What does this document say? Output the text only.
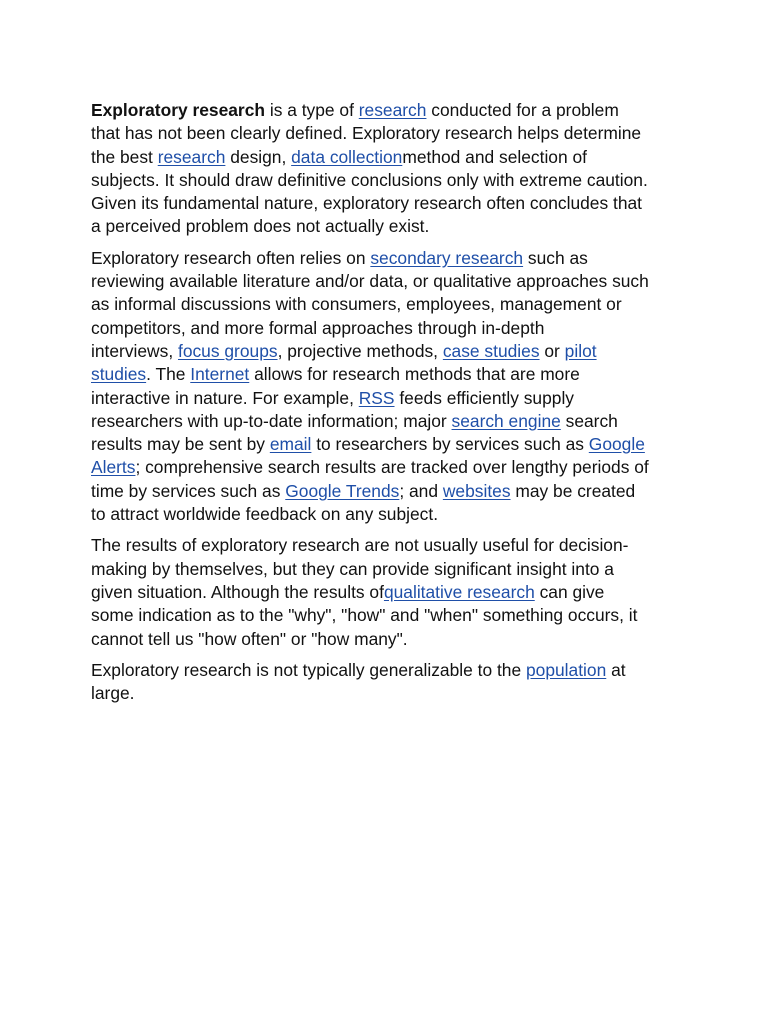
Exploratory research is a type of research conducted for a problem
that has not been clearly defined. Exploratory research helps determine
the best research design, data collectionmethod and selection of
subjects. It should draw definitive conclusions only with extreme caution.
Given its fundamental nature, exploratory research often concludes that
a perceived problem does not actually exist.

Exploratory research often relies on secondary research such as
reviewing available literature and/or data, or qualitative approaches such
as informal discussions with consumers, employees, management or
competitors, and more formal approaches through in-depth
interviews, focus groups, projective methods, case studies or pilot
studies. The Internet allows for research methods that are more
interactive in nature. For example, RSS feeds efficiently supply
researchers with up-to-date information; major search engine search
results may be sent by email to researchers by services such as Google
Alerts; comprehensive search results are tracked over lengthy periods of
time by services such as Google Trends; and websites may be created
to attract worldwide feedback on any subject.

The results of exploratory research are not usually useful for decision-
making by themselves, but they can provide significant insight into a
given situation. Although the results ofqualitative research can give
some indication as to the "why", "how" and "when" something occurs, it
cannot tell us "how often" or "how many".

Exploratory research is not typically generalizable to the population at
large.
